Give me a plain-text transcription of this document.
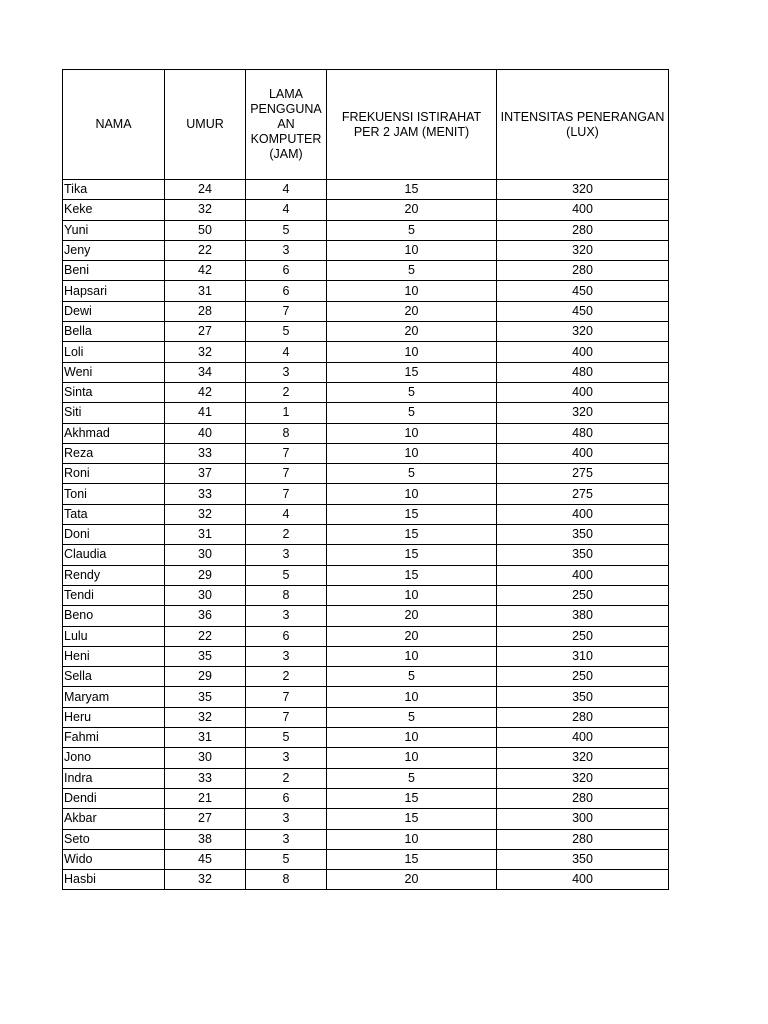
NAMA	UMUR	LAMA PENGGUNA AN KOMPUTER (JAM)	FREKUENSI ISTIRAHAT PER 2 JAM (MENIT)	INTENSITAS PENERANGAN (LUX)
Tika	24	4	15	320
Keke	32	4	20	400
Yuni	50	5	5	280
Jeny	22	3	10	320
Beni	42	6	5	280
Hapsari	31	6	10	450
Dewi	28	7	20	450
Bella	27	5	20	320
Loli	32	4	10	400
Weni	34	3	15	480
Sinta	42	2	5	400
Siti	41	1	5	320
Akhmad	40	8	10	480
Reza	33	7	10	400
Roni	37	7	5	275
Toni	33	7	10	275
Tata	32	4	15	400
Doni	31	2	15	350
Claudia	30	3	15	350
Rendy	29	5	15	400
Tendi	30	8	10	250
Beno	36	3	20	380
Lulu	22	6	20	250
Heni	35	3	10	310
Sella	29	2	5	250
Maryam	35	7	10	350
Heru	32	7	5	280
Fahmi	31	5	10	400
Jono	30	3	10	320
Indra	33	2	5	320
Dendi	21	6	15	280
Akbar	27	3	15	300
Seto	38	3	10	280
Wido	45	5	15	350
Hasbi	32	8	20	400
